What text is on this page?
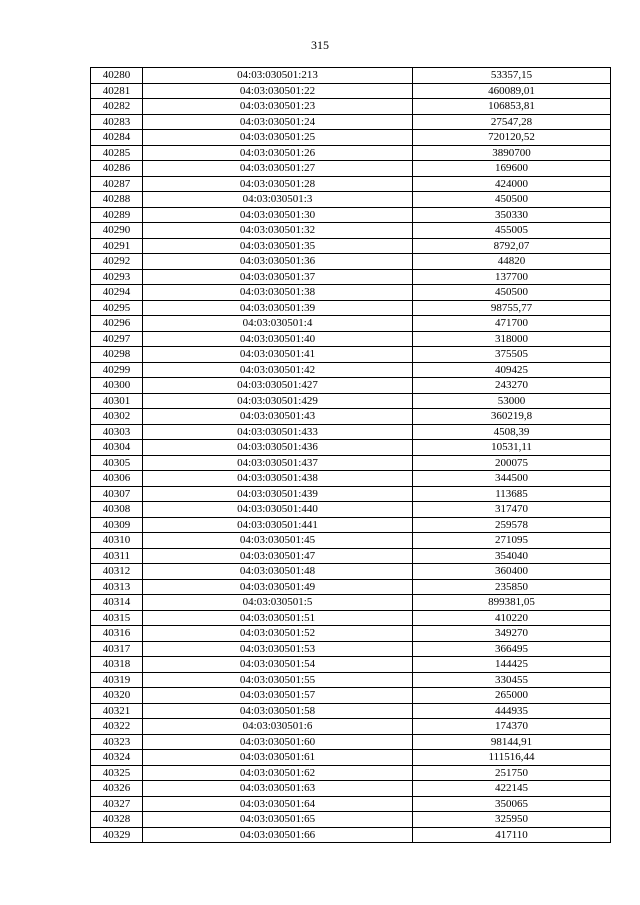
315
40280	04:03:030501:213	53357,15
40281	04:03:030501:22	460089,01
40282	04:03:030501:23	106853,81
40283	04:03:030501:24	27547,28
40284	04:03:030501:25	720120,52
40285	04:03:030501:26	3890700
40286	04:03:030501:27	169600
40287	04:03:030501:28	424000
40288	04:03:030501:3	450500
40289	04:03:030501:30	350330
40290	04:03:030501:32	455005
40291	04:03:030501:35	8792,07
40292	04:03:030501:36	44820
40293	04:03:030501:37	137700
40294	04:03:030501:38	450500
40295	04:03:030501:39	98755,77
40296	04:03:030501:4	471700
40297	04:03:030501:40	318000
40298	04:03:030501:41	375505
40299	04:03:030501:42	409425
40300	04:03:030501:427	243270
40301	04:03:030501:429	53000
40302	04:03:030501:43	360219,8
40303	04:03:030501:433	4508,39
40304	04:03:030501:436	10531,11
40305	04:03:030501:437	200075
40306	04:03:030501:438	344500
40307	04:03:030501:439	113685
40308	04:03:030501:440	317470
40309	04:03:030501:441	259578
40310	04:03:030501:45	271095
40311	04:03:030501:47	354040
40312	04:03:030501:48	360400
40313	04:03:030501:49	235850
40314	04:03:030501:5	899381,05
40315	04:03:030501:51	410220
40316	04:03:030501:52	349270
40317	04:03:030501:53	366495
40318	04:03:030501:54	144425
40319	04:03:030501:55	330455
40320	04:03:030501:57	265000
40321	04:03:030501:58	444935
40322	04:03:030501:6	174370
40323	04:03:030501:60	98144,91
40324	04:03:030501:61	111516,44
40325	04:03:030501:62	251750
40326	04:03:030501:63	422145
40327	04:03:030501:64	350065
40328	04:03:030501:65	325950
40329	04:03:030501:66	417110
